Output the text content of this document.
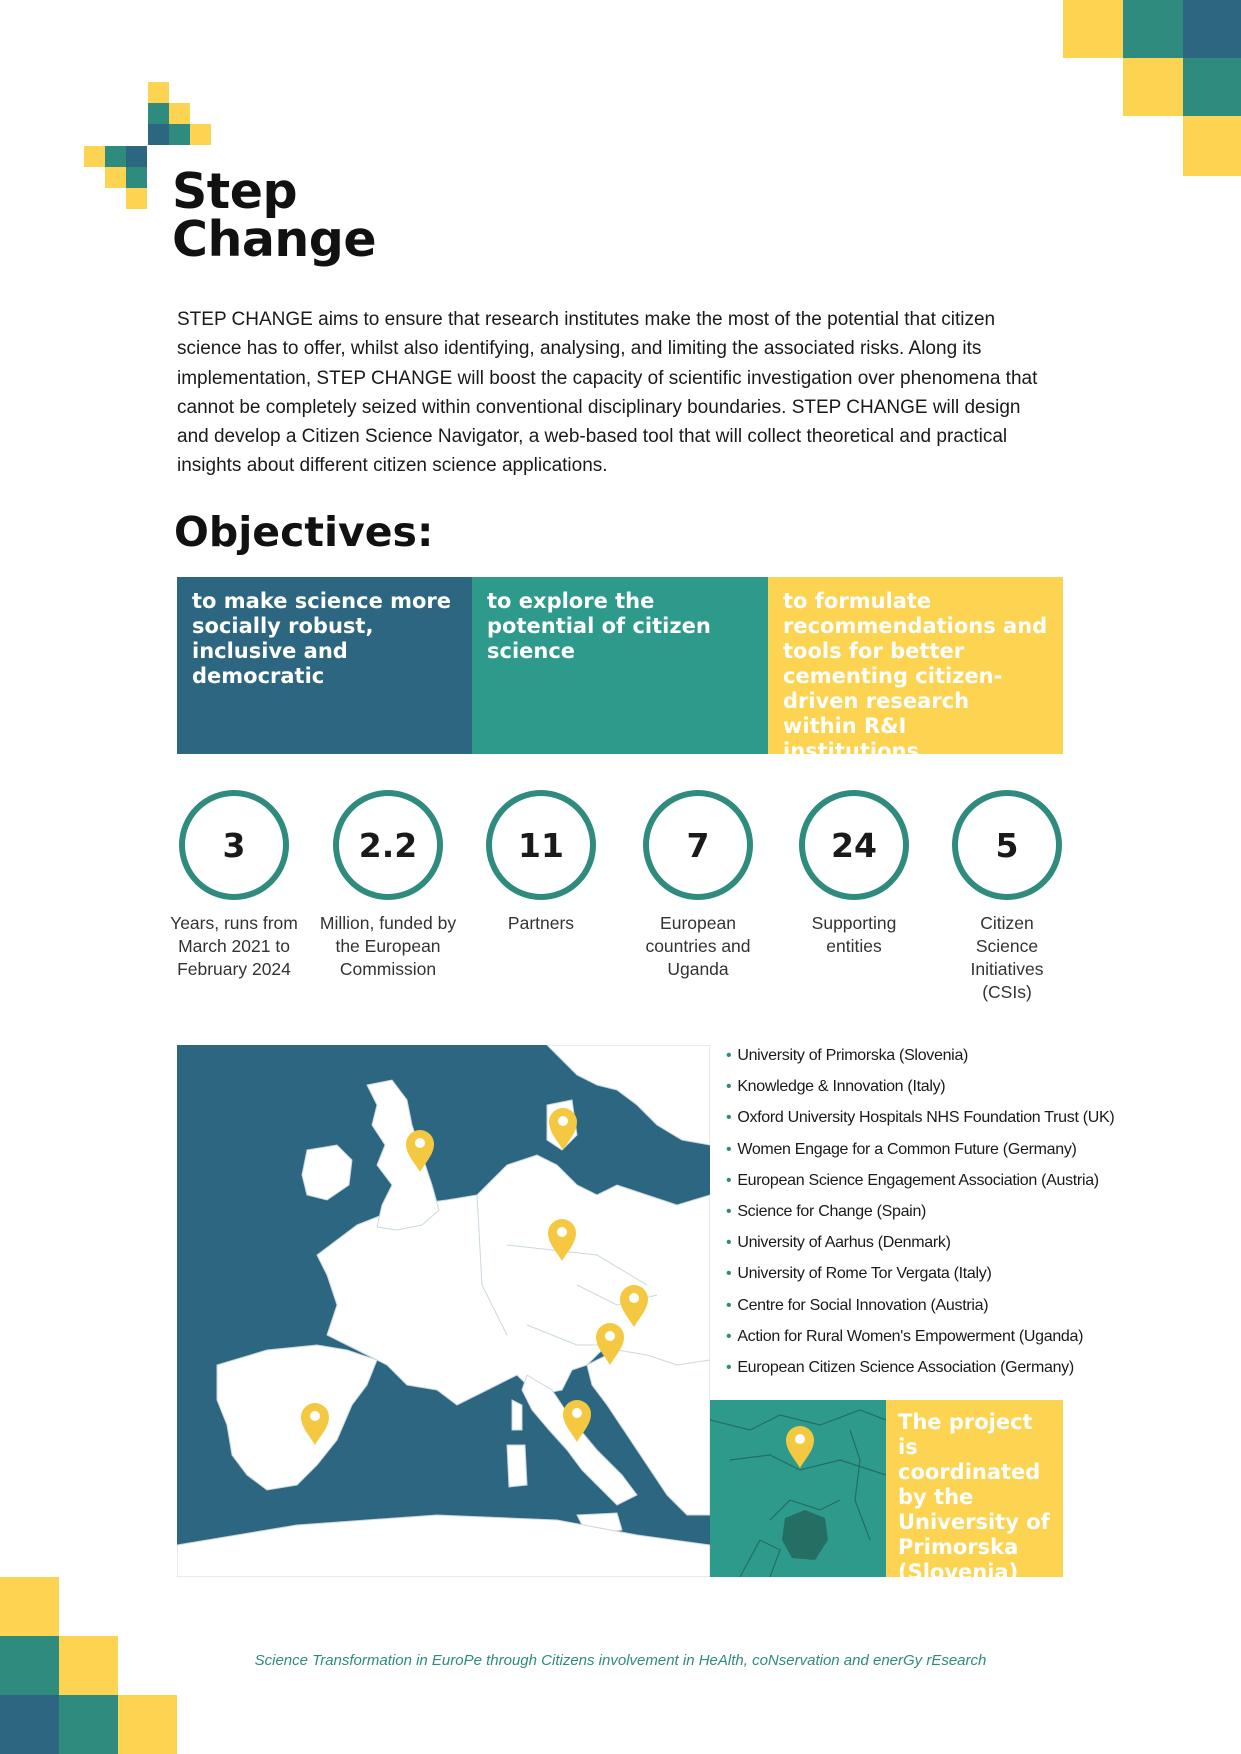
Step
Change

STEP CHANGE aims to ensure that research institutes make the most of the potential that citizen science has to offer, whilst also identifying, analysing, and limiting the associated risks. Along its implementation, STEP CHANGE will boost the capacity of scientific investigation over phenomena that cannot be completely seized within conventional disciplinary boundaries. STEP CHANGE will design and develop a Citizen Science Navigator, a web-based tool that will collect theoretical and practical insights about different citizen science applications.

Objectives:
to make science more socially robust, inclusive and democratic
to explore the potential of citizen science
to formulate recommendations and tools for better cementing citizen-driven research within R&I institutions
3
Years, runs from March 2021 to February 2024
2.2
Million, funded by the European Commission
11
Partners
7
European countries and Uganda
24
Supporting entities
5
Citizen Science Initiatives (CSIs)
• University of Primorska (Slovenia)
• Knowledge & Innovation (Italy)
• Oxford University Hospitals NHS Foundation Trust (UK)
• Women Engage for a Common Future (Germany)
• European Science Engagement Association (Austria)
• Science for Change (Spain)
• University of Aarhus (Denmark)
• University of Rome Tor Vergata (Italy)
• Centre for Social Innovation (Austria)
• Action for Rural Women's Empowerment (Uganda)
• European Citizen Science Association (Germany)
The project is coordinated by the University of Primorska (Slovenia)
Science Transformation in EuroPe through Citizens involvement in HeAlth, coNservation and enerGy rEsearch
